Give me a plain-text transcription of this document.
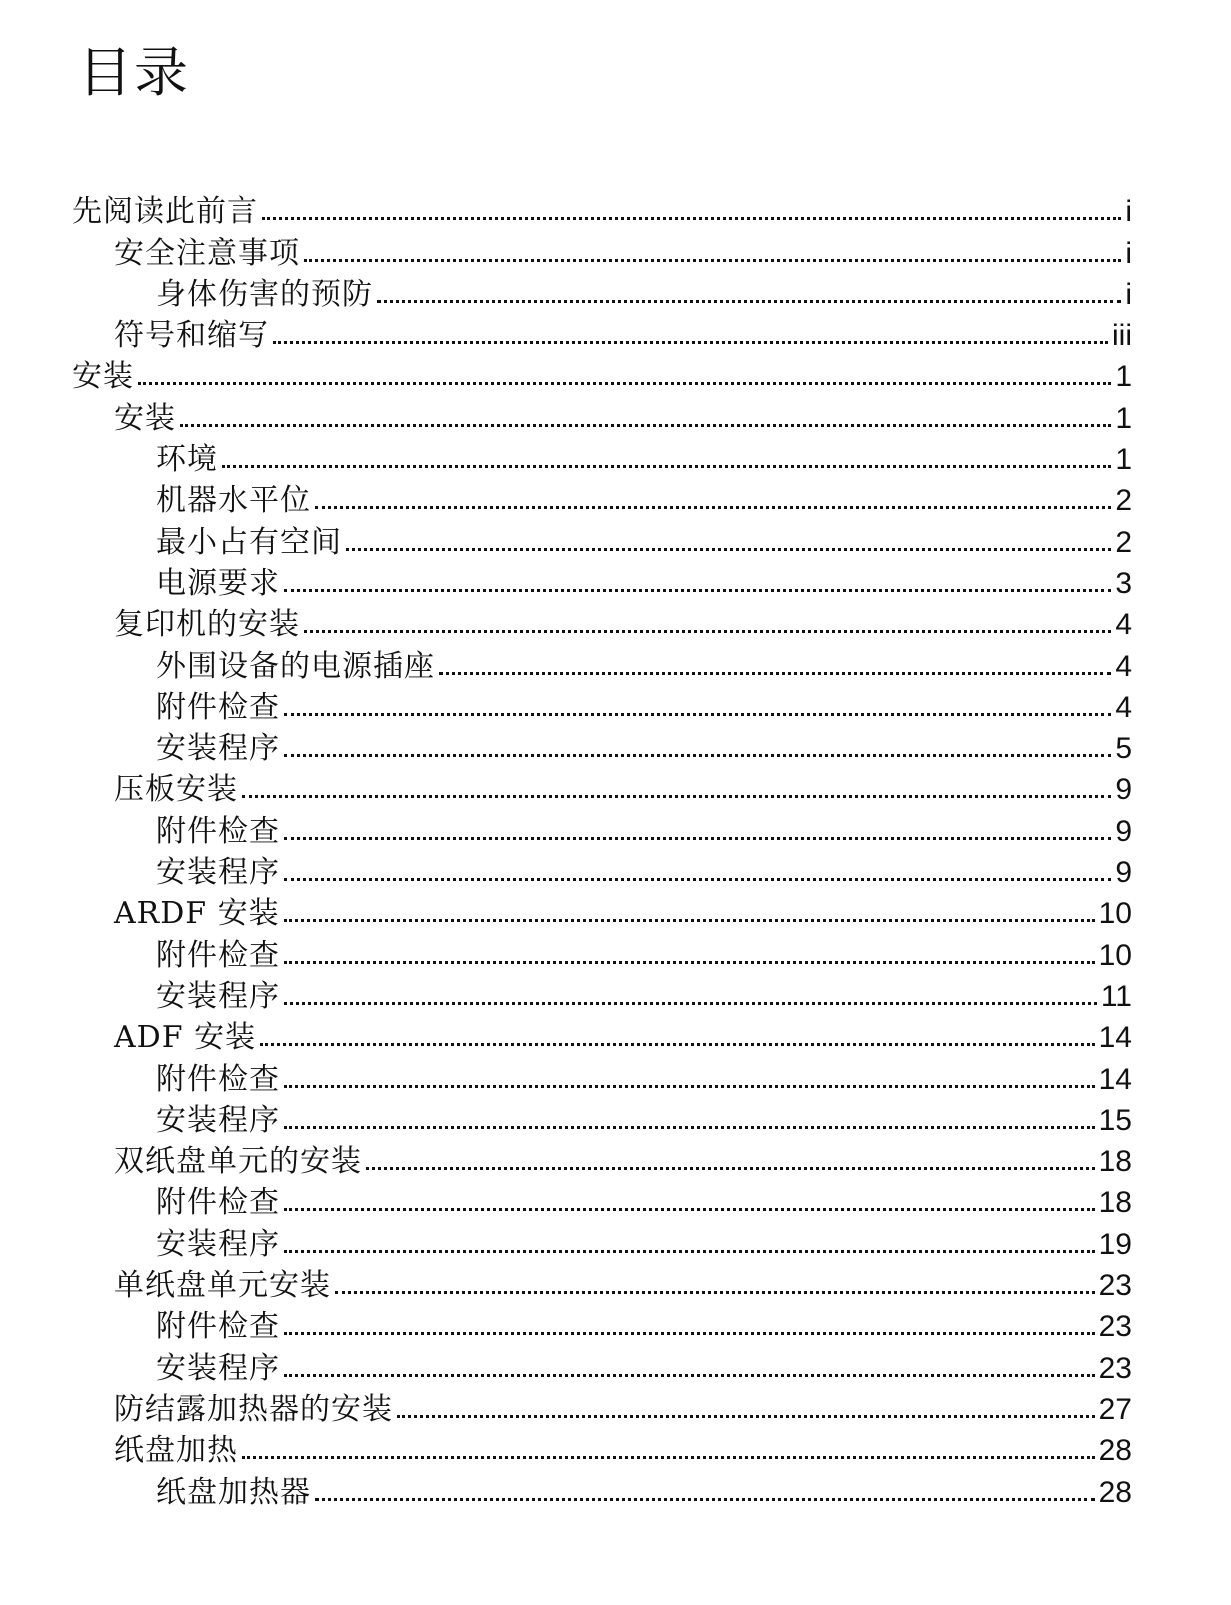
目录
先阅读此前言	i
安全注意事项	i
身体伤害的预防	i
符号和缩写	iii
安装	1
安装	1
环境	1
机器水平位	2
最小占有空间	2
电源要求	3
复印机的安装	4
外围设备的电源插座	4
附件检查	4
安装程序	5
压板安装	9
附件检查	9
安装程序	9
ARDF 安装	10
附件检查	10
安装程序	11
ADF 安装	14
附件检查	14
安装程序	15
双纸盘单元的安装	18
附件检查	18
安装程序	19
单纸盘单元安装	23
附件检查	23
安装程序	23
防结露加热器的安装	27
纸盘加热	28
纸盘加热器	28
